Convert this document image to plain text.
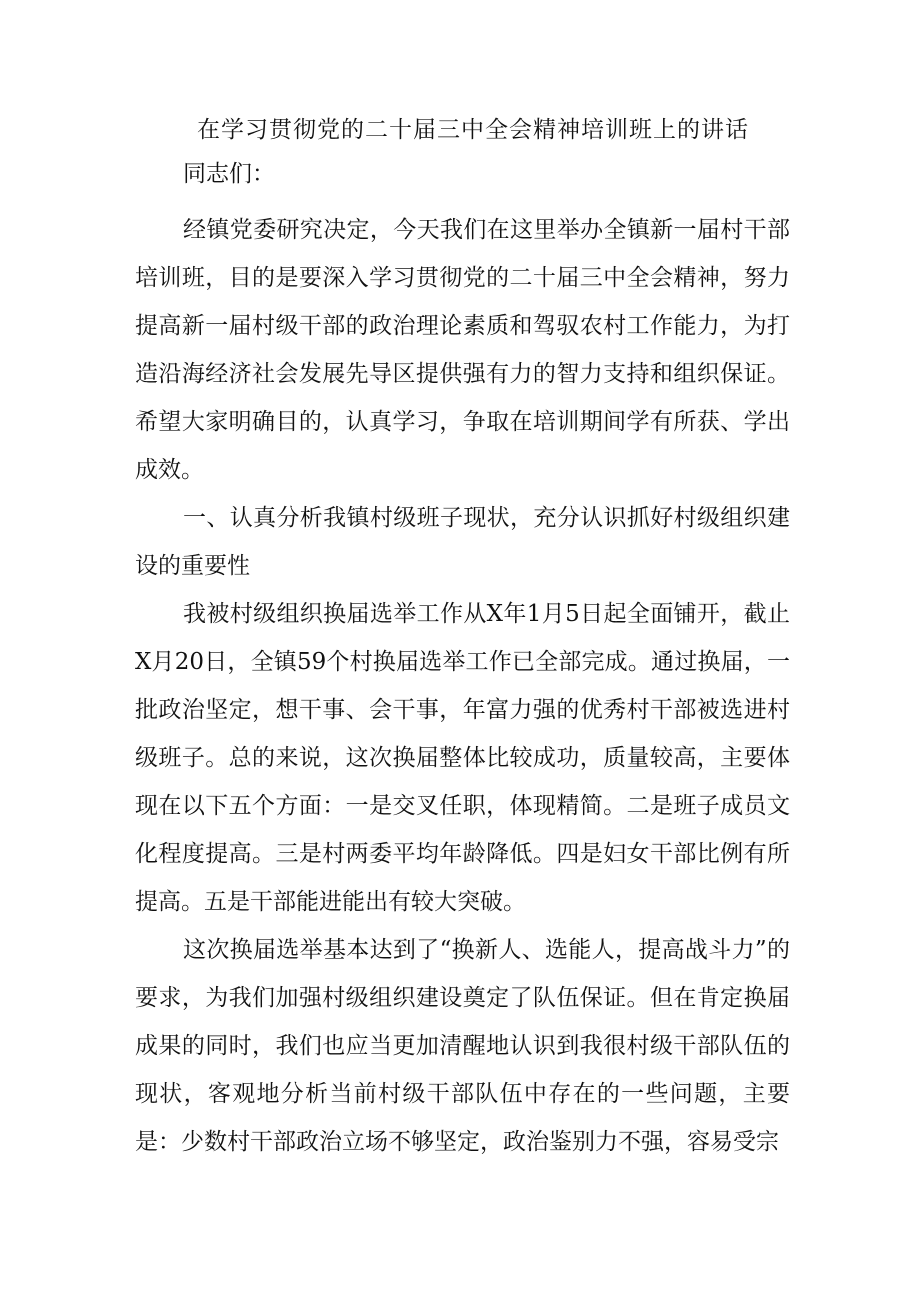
在学习贯彻党的二十届三中全会精神培训班上的讲话

同志们：

经镇党委研究决定，今天我们在这里举办全镇新一届村干部培训班，目的是要深入学习贯彻党的二十届三中全会精神，努力提高新一届村级干部的政治理论素质和驾驭农村工作能力，为打造沿海经济社会发展先导区提供强有力的智力支持和组织保证。希望大家明确目的，认真学习，争取在培训期间学有所获、学出成效。

一、认真分析我镇村级班子现状，充分认识抓好村级组织建设的重要性

我被村级组织换届选举工作从X年1月5日起全面铺开，截止X月20日，全镇59个村换届选举工作已全部完成。通过换届，一批政治坚定，想干事、会干事，年富力强的优秀村干部被选进村级班子。总的来说，这次换届整体比较成功，质量较高，主要体现在以下五个方面：一是交叉任职，体现精简。二是班子成员文化程度提高。三是村两委平均年龄降低。四是妇女干部比例有所提高。五是干部能进能出有较大突破。

这次换届选举基本达到了“换新人、选能人，提高战斗力”的要求，为我们加强村级组织建设奠定了队伍保证。但在肯定换届成果的同时，我们也应当更加清醒地认识到我很村级干部队伍的现状，客观地分析当前村级干部队伍中存在的一些问题，主要是：少数村干部政治立场不够坚定，政治鉴别力不强，容易受宗
